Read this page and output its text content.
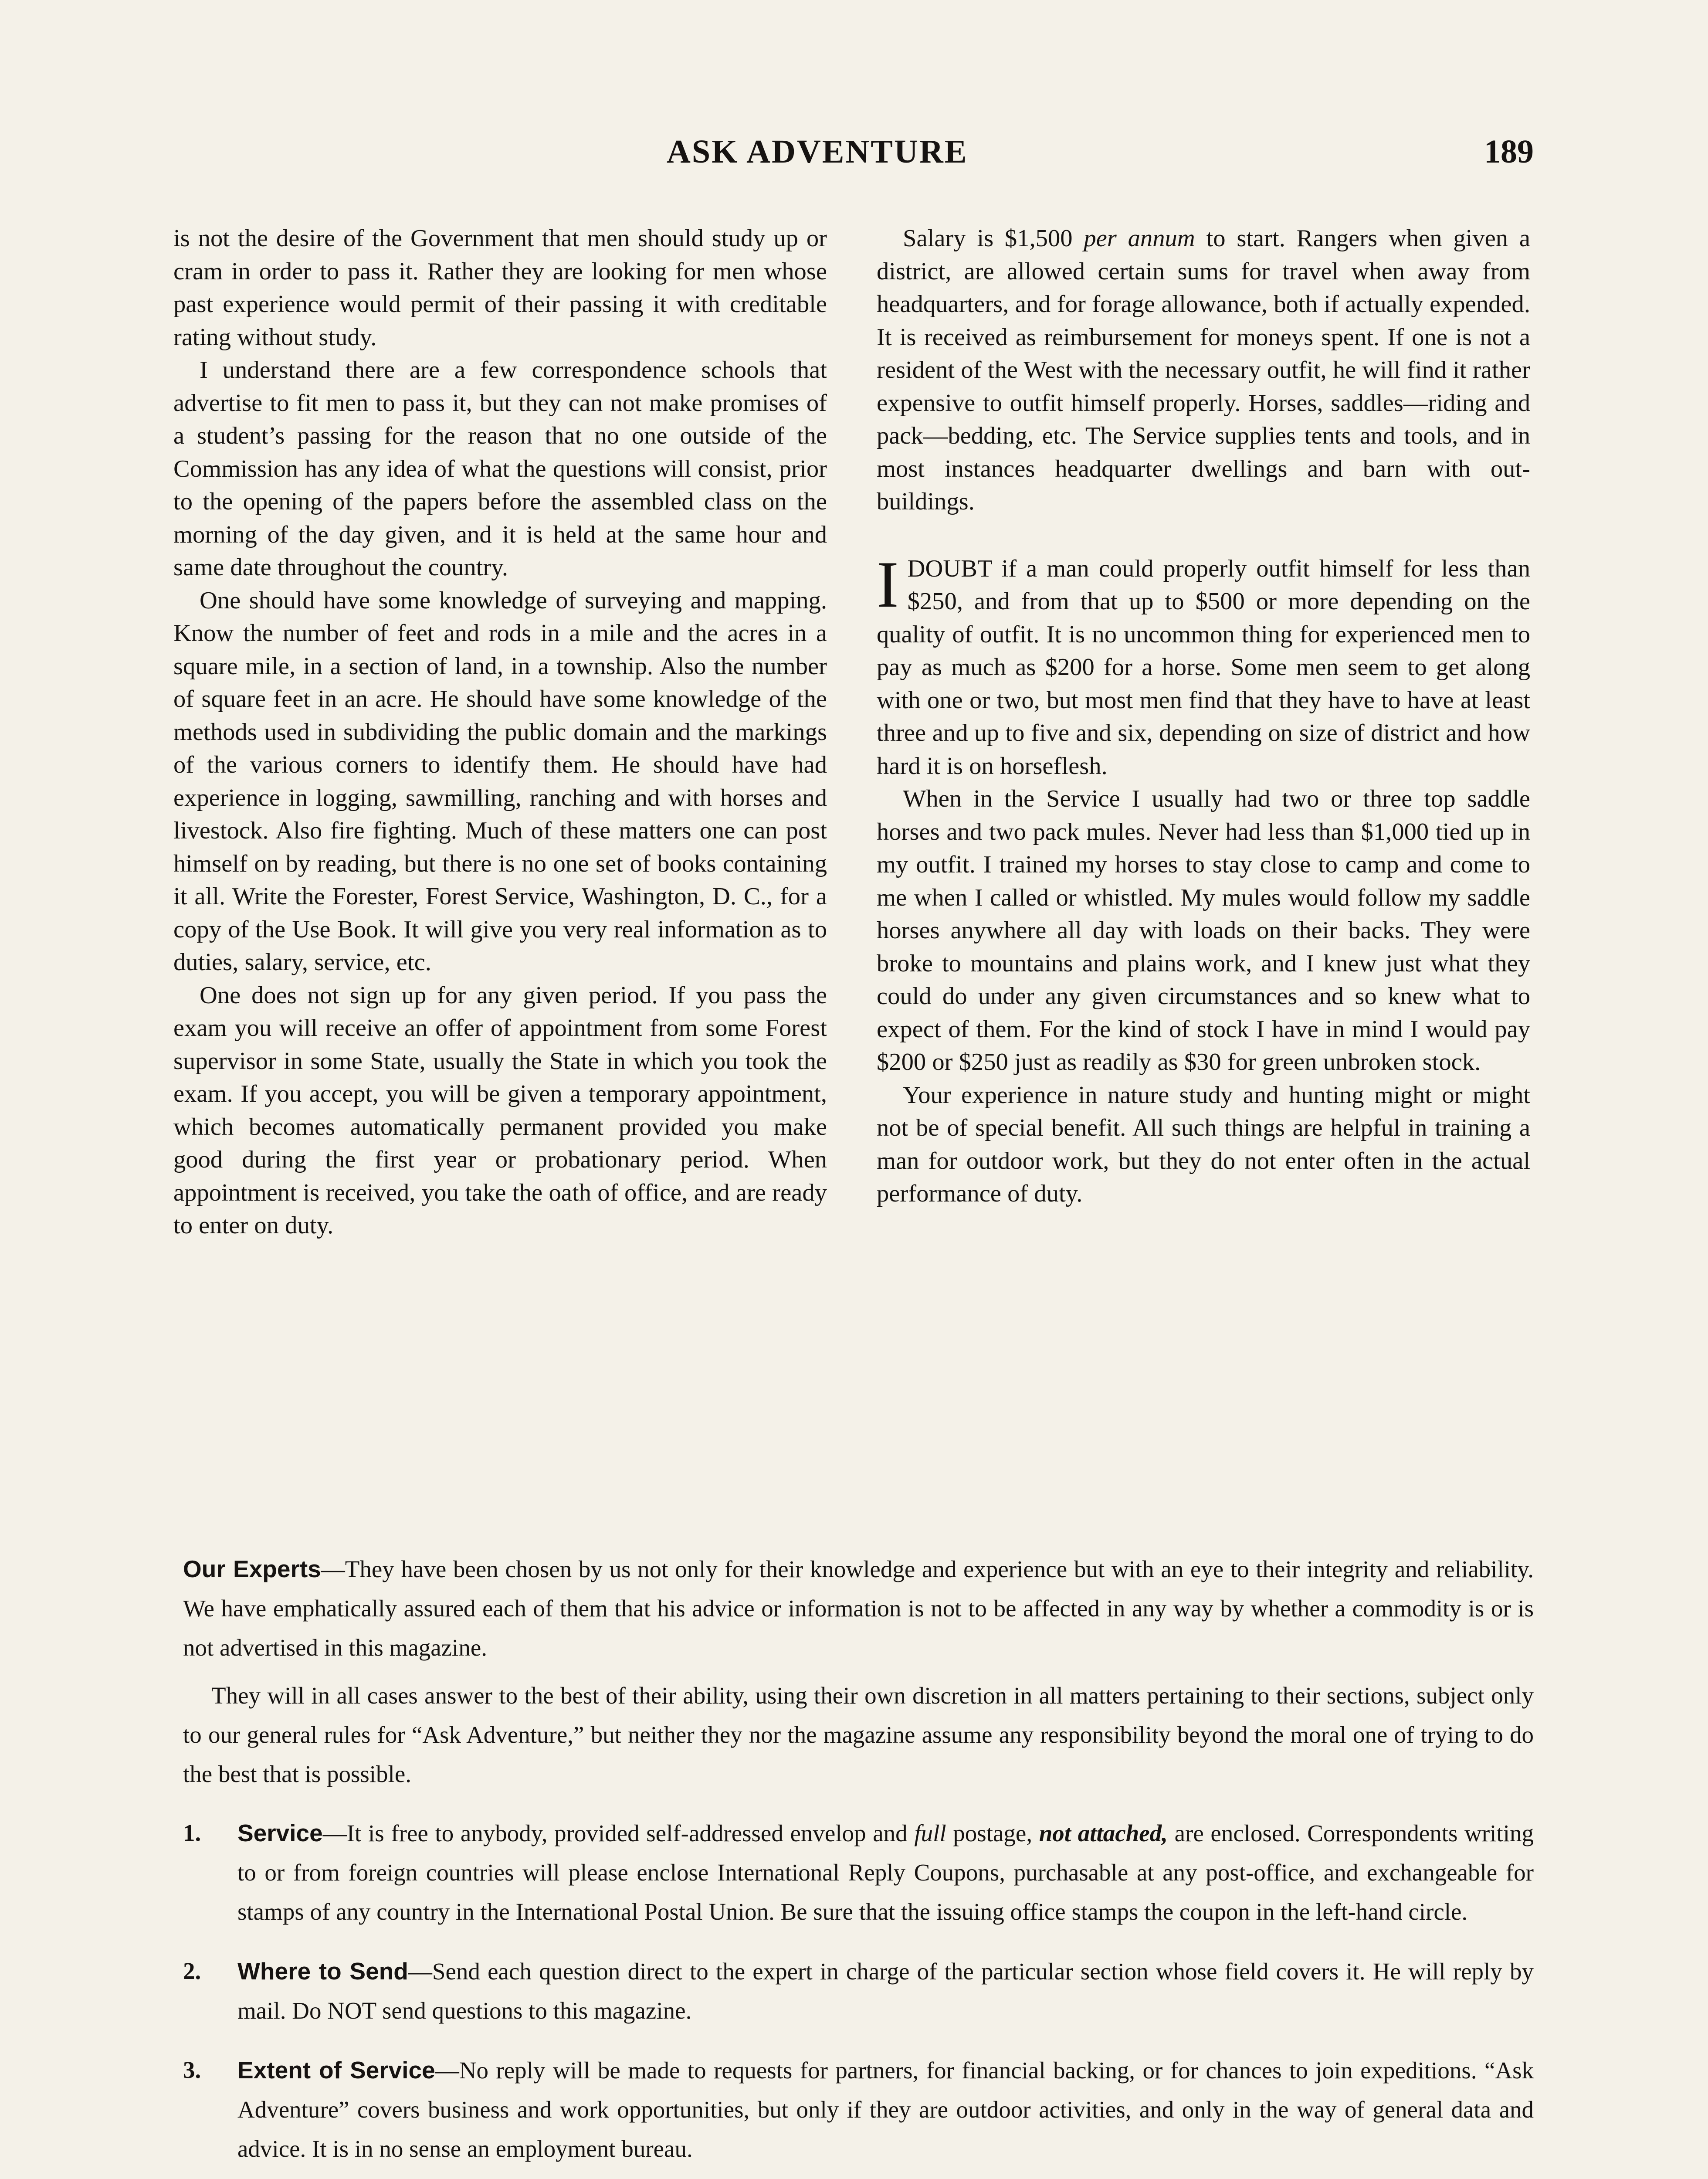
ASK ADVENTURE	189

is not the desire of the Government that men should study up or cram in order to pass it. Rather they are looking for men whose past experience would permit of their passing it with creditable rating without study.

I understand there are a few correspondence schools that advertise to fit men to pass it, but they can not make promises of a student’s passing for the reason that no one outside of the Commission has any idea of what the questions will consist, prior to the opening of the papers before the assembled class on the morning of the day given, and it is held at the same hour and same date throughout the country.

One should have some knowledge of surveying and mapping. Know the number of feet and rods in a mile and the acres in a square mile, in a section of land, in a township. Also the number of square feet in an acre. He should have some knowledge of the methods used in subdividing the public domain and the markings of the various corners to identify them. He should have had experience in logging, sawmilling, ranching and with horses and livestock. Also fire fighting. Much of these matters one can post himself on by reading, but there is no one set of books containing it all. Write the Forester, Forest Service, Washington, D. C., for a copy of the Use Book. It will give you very real information as to duties, salary, service, etc.

One does not sign up for any given period. If you pass the exam you will receive an offer of appointment from some Forest supervisor in some State, usually the State in which you took the exam. If you accept, you will be given a temporary appointment, which becomes automatically permanent provided you make good during the first year or probationary period. When appointment is received, you take the oath of office, and are ready to enter on duty.

Salary is $1,500 per annum to start. Rangers when given a district, are allowed certain sums for travel when away from headquarters, and for forage allowance, both if actually expended. It is received as reimbursement for moneys spent. If one is not a resident of the West with the necessary outfit, he will find it rather expensive to outfit himself properly. Horses, saddles—riding and pack—bedding, etc. The Service supplies tents and tools, and in most instances headquarter dwellings and barn with out-buildings.

I DOUBT if a man could properly outfit himself for less than $250, and from that up to $500 or more depending on the quality of outfit. It is no uncommon thing for experienced men to pay as much as $200 for a horse. Some men seem to get along with one or two, but most men find that they have to have at least three and up to five and six, depending on size of district and how hard it is on horseflesh.

When in the Service I usually had two or three top saddle horses and two pack mules. Never had less than $1,000 tied up in my outfit. I trained my horses to stay close to camp and come to me when I called or whistled. My mules would follow my saddle horses anywhere all day with loads on their backs. They were broke to mountains and plains work, and I knew just what they could do under any given circumstances and so knew what to expect of them. For the kind of stock I have in mind I would pay $200 or $250 just as readily as $30 for green unbroken stock.

Your experience in nature study and hunting might or might not be of special benefit. All such things are helpful in training a man for outdoor work, but they do not enter often in the actual performance of duty.

Our Experts—They have been chosen by us not only for their knowledge and experience but with an eye to their integrity and reliability. We have emphatically assured each of them that his advice or information is not to be affected in any way by whether a commodity is or is not advertised in this magazine.

They will in all cases answer to the best of their ability, using their own discretion in all matters pertaining to their sections, subject only to our general rules for “Ask Adventure,” but neither they nor the magazine assume any responsibility beyond the moral one of trying to do the best that is possible.

1. Service—It is free to anybody, provided self-addressed envelop and full postage, not attached, are enclosed. Correspondents writing to or from foreign countries will please enclose International Reply Coupons, purchasable at any post-office, and exchangeable for stamps of any country in the International Postal Union. Be sure that the issuing office stamps the coupon in the left-hand circle.
2. Where to Send—Send each question direct to the expert in charge of the particular section whose field covers it. He will reply by mail. Do NOT send questions to this magazine.
3. Extent of Service—No reply will be made to requests for partners, for financial backing, or for chances to join expeditions. “Ask Adventure” covers business and work opportunities, but only if they are outdoor activities, and only in the way of general data and advice. It is in no sense an employment bureau.
